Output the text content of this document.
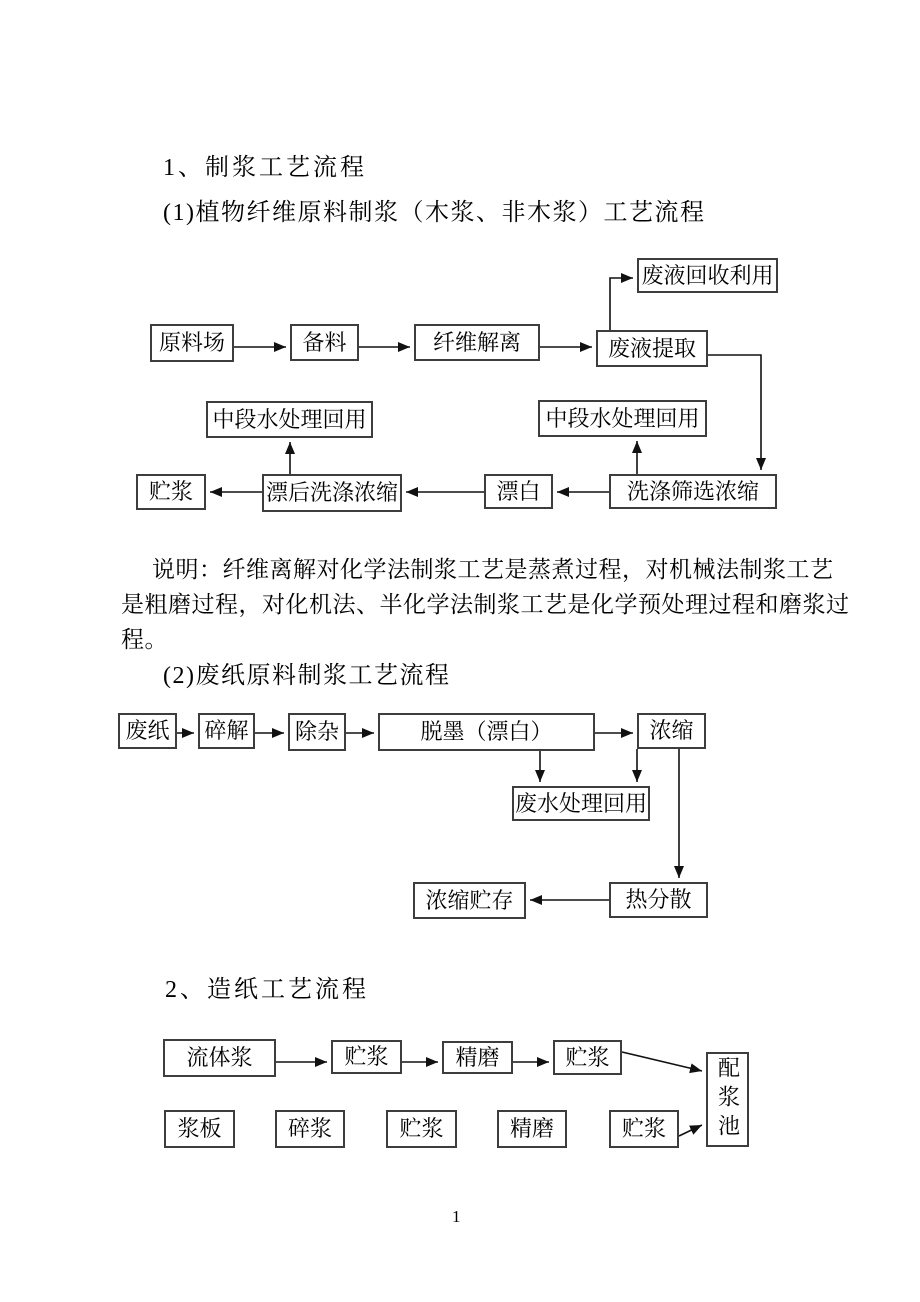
1、制浆工艺流程
(1)植物纤维原料制浆（木浆、非木浆）工艺流程
说明：纤维离解对化学法制浆工艺是蒸煮过程，对机械法制浆工艺
是粗磨过程，对化机法、半化学法制浆工艺是化学预处理过程和磨浆过
程。
(2)废纸原料制浆工艺流程
2、造纸工艺流程
原料场	备料	纤维解离	废液提取
废液回收利用
中段水处理回用	中段水处理回用
贮浆	漂后洗涤浓缩	漂白	洗涤筛选浓缩
废纸	碎解	除杂	脱墨（漂白）	浓缩
废水处理回用
热分散
浓缩贮存
流体浆	贮浆	精磨	贮浆	配浆池
浆板	碎浆	贮浆	精磨	贮浆
1
